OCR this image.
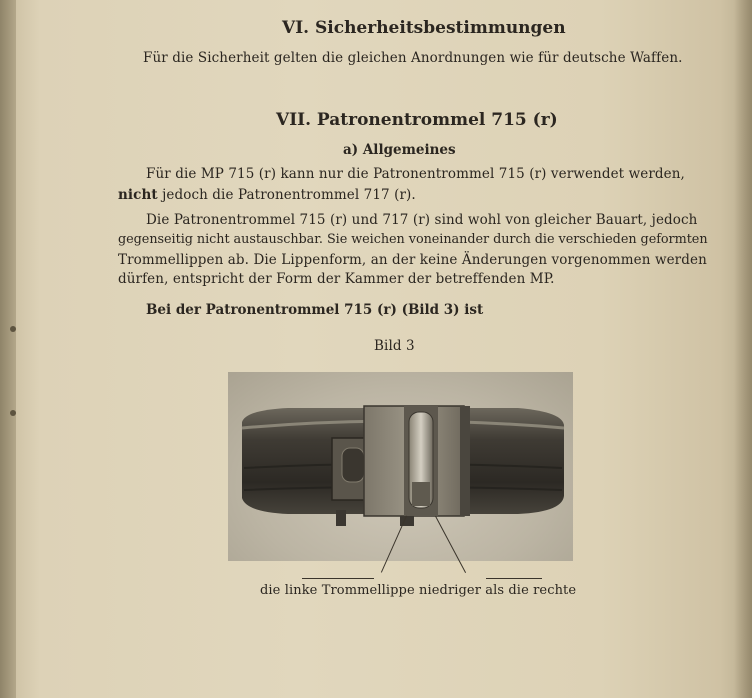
VI. Sicherheitsbestimmungen
Für die Sicherheit gelten die gleichen Anordnungen wie für deutsche Waffen.
VII. Patronentrommel 715 (r)
a) Allgemeines
Für die MP 715 (r) kann nur die Patronentrommel 715 (r) verwendet werden,
nicht jedoch die Patronentrommel 717 (r).
Die Patronentrommel 715 (r) und 717 (r) sind wohl von gleicher Bauart, jedoch
gegenseitig nicht austauschbar. Sie weichen voneinander durch die verschieden geformten
Trommellippen ab. Die Lippenform, an der keine Änderungen vorgenommen werden
dürfen, entspricht der Form der Kammer der betreffenden MP.
Bei der Patronentrommel 715 (r) (Bild 3) ist
Bild 3
die linke Trommellippe niedriger als die rechte
